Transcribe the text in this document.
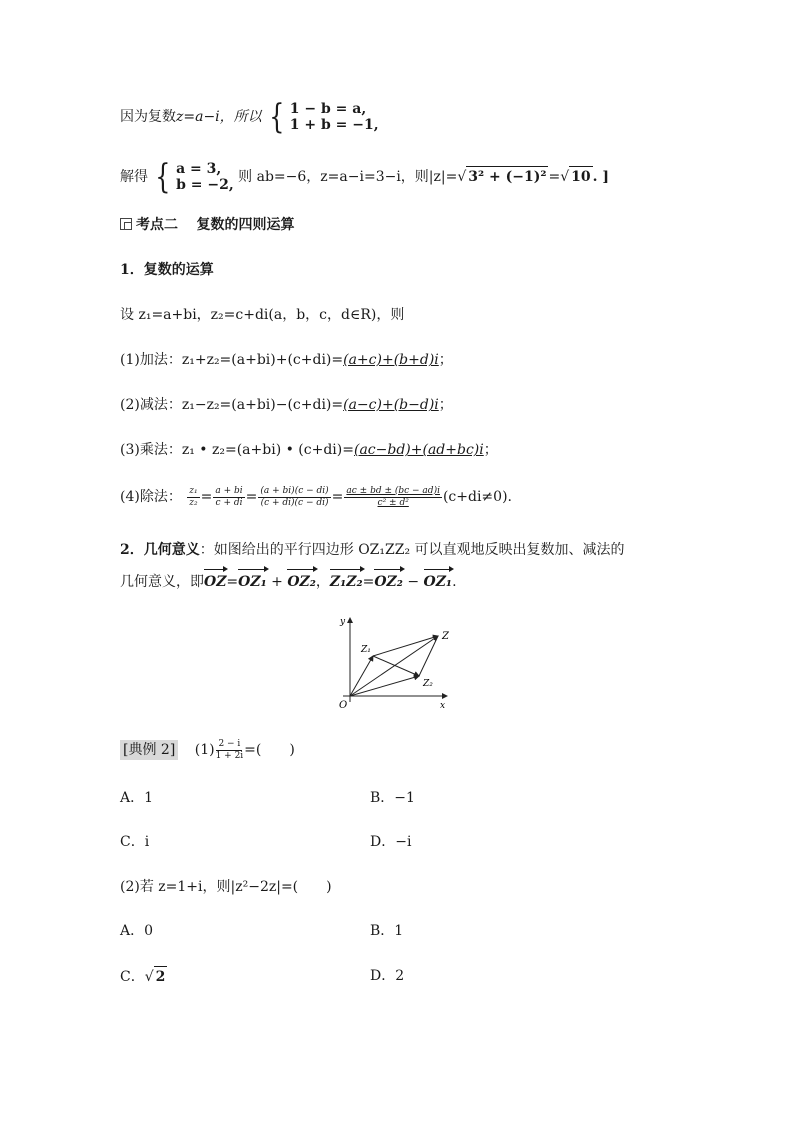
因为复数z=a−i，所以 { 1 − b = a,
1 + b = −1,
解得 { a = 3,
b = −2, 则 ab=−6，z=a−i=3−i，则|z|=√ 3² + (−1)² =√ 10 . ]
考点二 复数的四则运算
1．复数的运算
设 z₁=a+bi，z₂=c+di(a，b，c，d∈R)，则
(1)加法：z₁+z₂=(a+bi)+(c+di)=(a+c)+(b+d)i；
(2)减法：z₁−z₂=(a+bi)−(c+di)=(a−c)+(b−d)i；
(3)乘法：z₁ • z₂=(a+bi) • (c+di)=(ac−bd)+(ad+bc)i；
(4)除法： $\frac{\text{z₁}}{\text{z₂}} = \frac{a + bi}{c + di} = \frac{(a + bi)(c - di)}{(c + di)(c - di)} = \frac{ac \pm bd \pm (bc - ad)i}{\text{c² ± d²}} (c+di\ne 0)$.
2．几何意义：如图给出的平行四边形 OZ₁ZZ₂ 可以直观地反映出复数加、减法的
几何意义，即OZ=OZ₁ + OZ₂，Z₁Z₂=OZ₂ − OZ₁.
y
x
O
Z
Z₁
Z₂
[典例 2] $(1) \frac{2 - i}{1 + 2i}$ =(　　)
A．1	B．−1
C．i	D．−i
(2)若 z=1+i，则|z²−2z|=(　　)
A．0	B．1
C．√ 2	D．2
